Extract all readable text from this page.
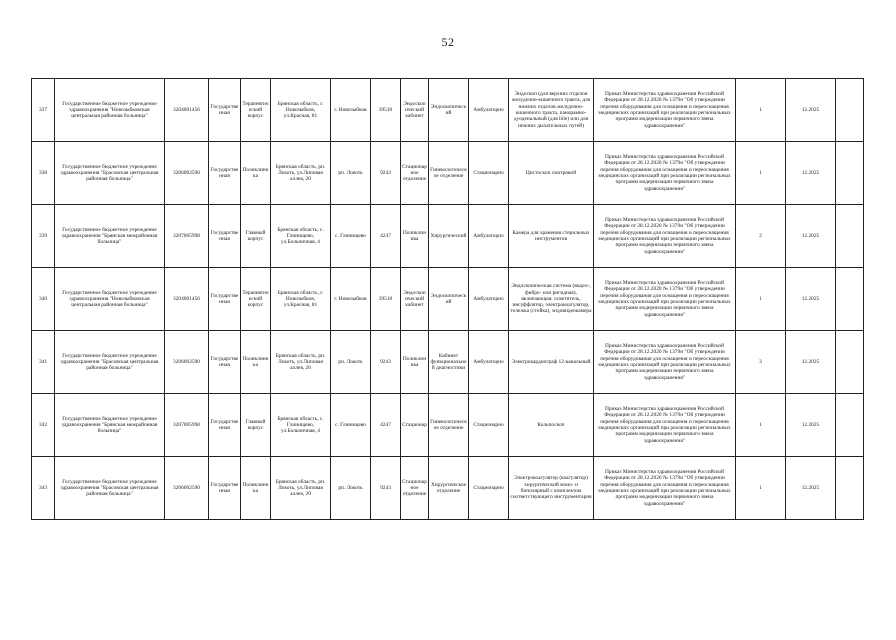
52
337	Государственное бюджетное учреждение здравоохранения "Новозыбковская центральная районная больница"	3204001456	Государственная	Терапевтический корпус	Брянская область, г. Новозыбков, ул.Красная, 81	г. Новозыбков	39510	Эндоскопический кабинет	Эндоскопический	Амбулаторно	Эндоскоп (для верхних отделов желудочно-кишечного тракта, для нижних отделов желудочно-кишечного тракта, панорамно-дуоденальный (для bile) или для нижних дыхательных путей)	Приказ Министерства здравоохранения Российской Федерации от 28.12.2020 № 1379н "Об утверждении перечня оборудования для оснащения и переоснащения медицинских организаций при реализации региональных программ модернизации первичного звена здравоохранения"	1	12.2025	
338	Государственное бюджетное учреждение здравоохранения "Брасовская центральная районная больница"	3206002590	Государственная	Поликлиника	Брянская область, рп. Локоть, ул.Липовая аллея, 20	рп. Локоть	9243	Стационарное отделение	Гинекологическое отделение	Стационарно	Цистоскоп смотровой	Приказ Министерства здравоохранения Российской Федерации от 28.12.2020 № 1379н "Об утверждении перечня оборудования для оснащения и переоснащения медицинских организаций при реализации региональных программ модернизации первичного звена здравоохранения"	1	12.2025	
339	Государственное бюджетное учреждение здравоохранения "Брянская межрайонная больница"	3207005998	Государственная	Главный корпус	Брянская область, с. Глинищево, ул.Больничная, 4	с. Глинищево	4247	Поликлиника	Хирургический	Амбулаторно	Камера для хранения стерильных инструментов	Приказ Министерства здравоохранения Российской Федерации от 28.12.2020 № 1379н "Об утверждении перечня оборудования для оснащения и переоснащения медицинских организаций при реализации региональных программ модернизации первичного звена здравоохранения"	2	12.2025	
340	Государственное бюджетное учреждение здравоохранения "Новозыбковская центральная районная больница"	3204001456	Государственная	Терапевтический корпус	Брянская область, г. Новозыбков, ул.Красная, 81	г. Новозыбков	39510	Эндоскопический кабинет	Эндоскопический	Амбулаторно	Эндоскопическая система (видео-, фибро- или ригидная), включающая: осветитель, инсуффлятор, электрокоагулятор, тележка (стойка), эндовидеокамера	Приказ Министерства здравоохранения Российской Федерации от 28.12.2020 № 1379н "Об утверждении перечня оборудования для оснащения и переоснащения медицинских организаций при реализации региональных программ модернизации первичного звена здравоохранения"	1	12.2025	
341	Государственное бюджетное учреждение здравоохранения "Брасовская центральная районная больница"	3206002590	Государственная	Поликлиника	Брянская область, рп. Локоть, ул.Липовая аллея, 20	рп. Локоть	9243	Поликлиника	Кабинет функциональной диагностики	Амбулаторно	Электрокардиограф 12-канальный	Приказ Министерства здравоохранения Российской Федерации от 28.12.2020 № 1379н "Об утверждении перечня оборудования для оснащения и переоснащения медицинских организаций при реализации региональных программ модернизации первичного звена здравоохранения"	3	12.2025	
342	Государственное бюджетное учреждение здравоохранения "Брянская межрайонная больница"	3207005998	Государственная	Главный корпус	Брянская область, с. Глинищево, ул.Больничная, 4	с. Глинищево	4247	Стационар	Гинекологическое отделение	Стационарно	Кольпоскоп	Приказ Министерства здравоохранения Российской Федерации от 28.12.2020 № 1379н "Об утверждении перечня оборудования для оснащения и переоснащения медицинских организаций при реализации региональных программ модернизации первичного звена здравоохранения"	1	12.2025	
343	Государственное бюджетное учреждение здравоохранения "Брасовская центральная районная больница"	3206002590	Государственная	Поликлиника	Брянская область, рп. Локоть, ул.Липовая аллея, 20	рп. Локоть	9243	Стационарное отделение	Хирургическое отделение	Стационарно	Электрокоагулятор (коагулятор) хирургический моно- и биполярный с комплектом соответствующего инструментария	Приказ Министерства здравоохранения Российской Федерации от 28.12.2020 № 1379н "Об утверждении перечня оборудования для оснащения и переоснащения медицинских организаций при реализации региональных программ модернизации первичного звена здравоохранения"	1	12.2025	
